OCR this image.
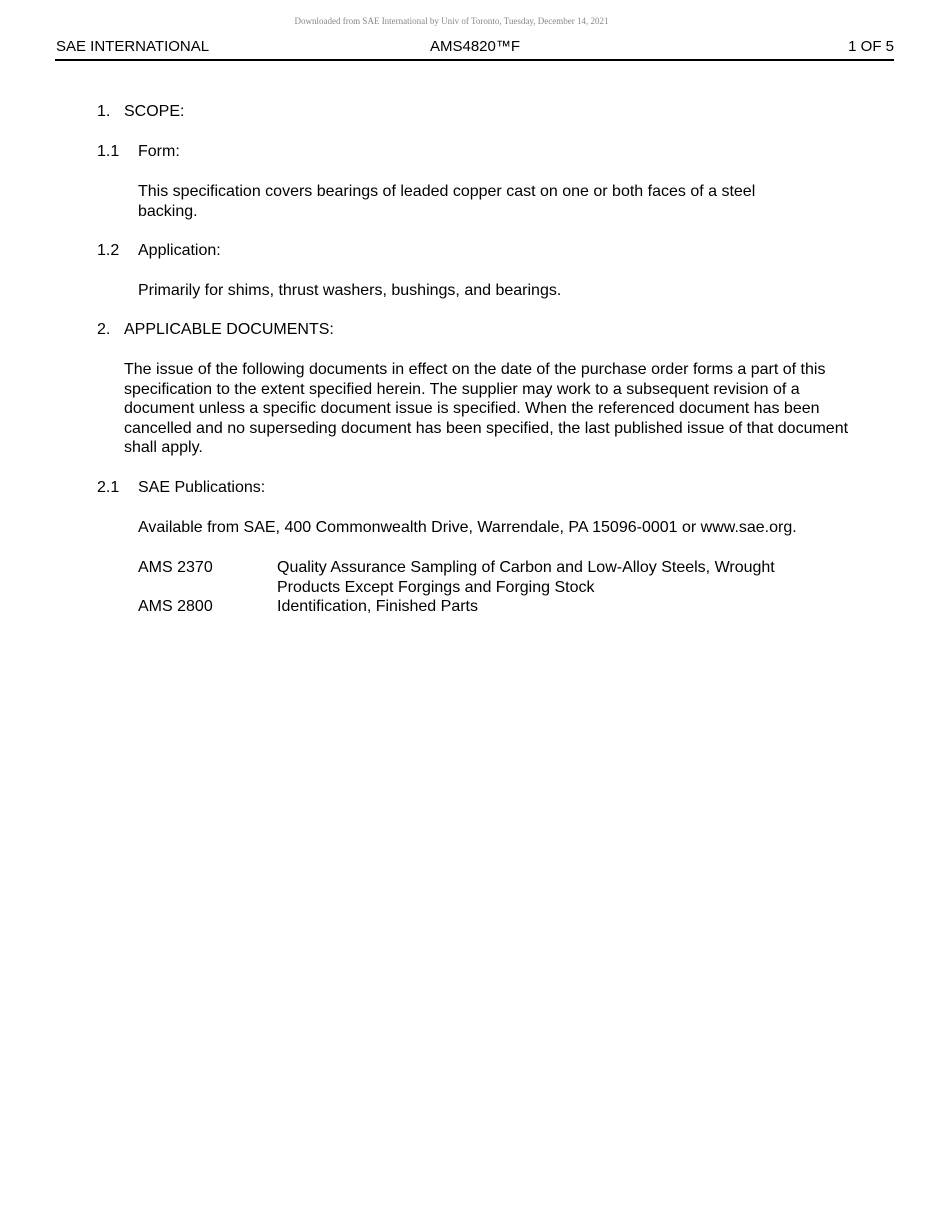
Downloaded from SAE International by Univ of Toronto, Tuesday, December 14, 2021
SAE INTERNATIONAL	AMS4820™F	1 OF 5
1. SCOPE:
1.1 Form:
This specification covers bearings of leaded copper cast on one or both faces of a steel backing.
1.2 Application:
Primarily for shims, thrust washers, bushings, and bearings.
2. APPLICABLE DOCUMENTS:
The issue of the following documents in effect on the date of the purchase order forms a part of this specification to the extent specified herein. The supplier may work to a subsequent revision of a document unless a specific document issue is specified. When the referenced document has been cancelled and no superseding document has been specified, the last published issue of that document shall apply.
2.1 SAE Publications:
Available from SAE, 400 Commonwealth Drive, Warrendale, PA 15096-0001 or www.sae.org.
AMS 2370	Quality Assurance Sampling of Carbon and Low-Alloy Steels, Wrought Products Except Forgings and Forging Stock
AMS 2800	Identification, Finished Parts
